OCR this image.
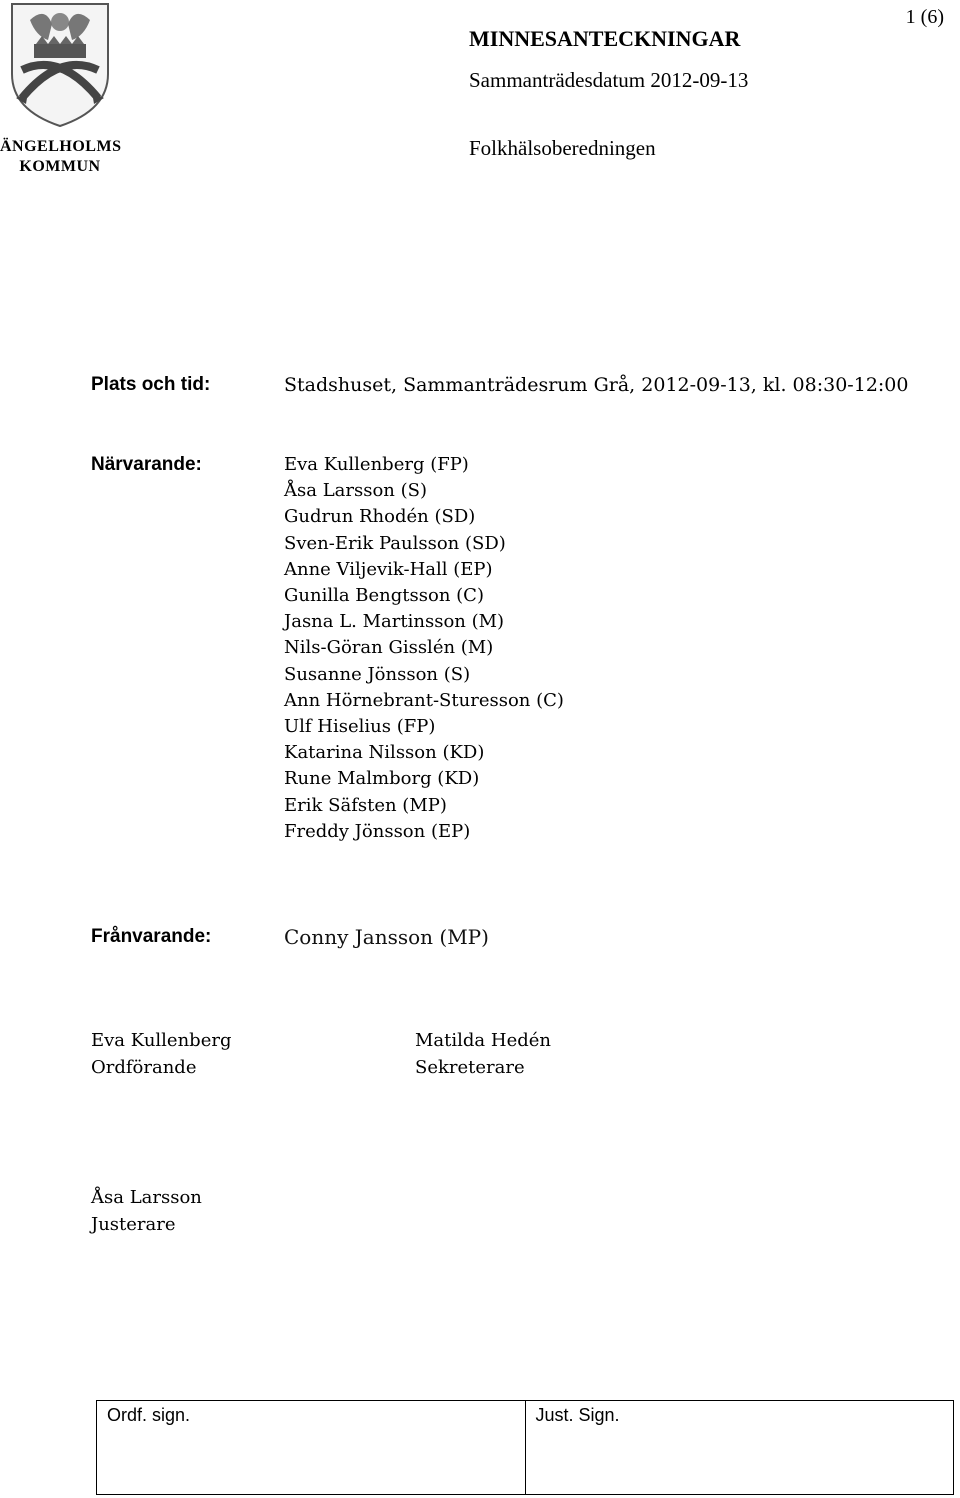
ÄNGELHOLMS
KOMMUN
1 (6)
MINNESANTECKNINGAR
Sammanträdesdatum 2012-09-13
Folkhälsoberedningen
Plats och tid:	Stadshuset, Sammanträdesrum Grå, 2012-09-13, kl. 08:30-12:00
Närvarande:	Eva Kullenberg (FP)
Åsa Larsson (S)
Gudrun Rhodén (SD)
Sven-Erik Paulsson (SD)
Anne Viljevik-Hall (EP)
Gunilla Bengtsson (C)
Jasna L. Martinsson (M)
Nils-Göran Gisslén (M)
Susanne Jönsson (S)
Ann Hörnebrant-Sturesson (C)
Ulf Hiselius (FP)
Katarina Nilsson (KD)
Rune Malmborg (KD)
Erik Säfsten (MP)
Freddy Jönsson (EP)
Frånvarande:	Conny Jansson (MP)
Eva Kullenberg
Ordförande
Matilda Hedén
Sekreterare
Åsa Larsson
Justerare
Ordf. sign.	Just. Sign.
